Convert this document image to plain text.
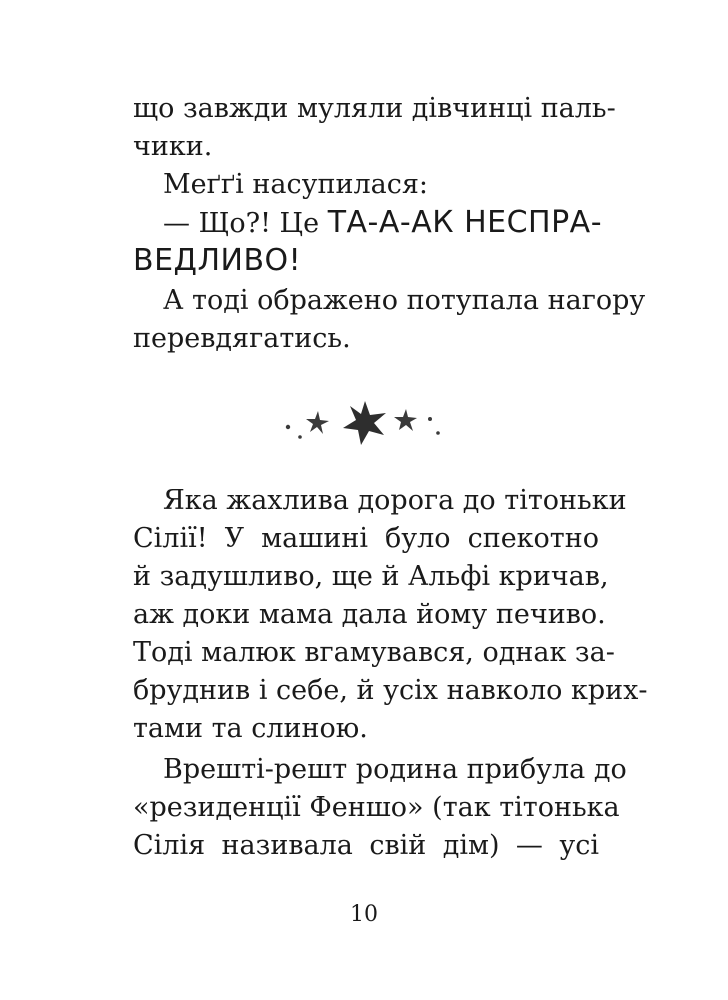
що завжди муляли дівчинці паль-
чики.
Меґґі насупилася:
— Що?! Це ТА-А-АК НЕСПРА-
ВЕДЛИВО!
А тоді ображено потупала нагору
перевдягатись.
Яка жахлива дорога до тітоньки
Сілії! У машині було спекотно
й задушливо, ще й Альфі кричав,
аж доки мама дала йому печиво.
Тоді малюк вгамувався, однак за-
бруднив і себе, й усіх навколо крих-
тами та слиною.
Врешті-решт родина прибула до
«резиденції Феншо» (так тітонька
Сілія називала свій дім) — усі
10
